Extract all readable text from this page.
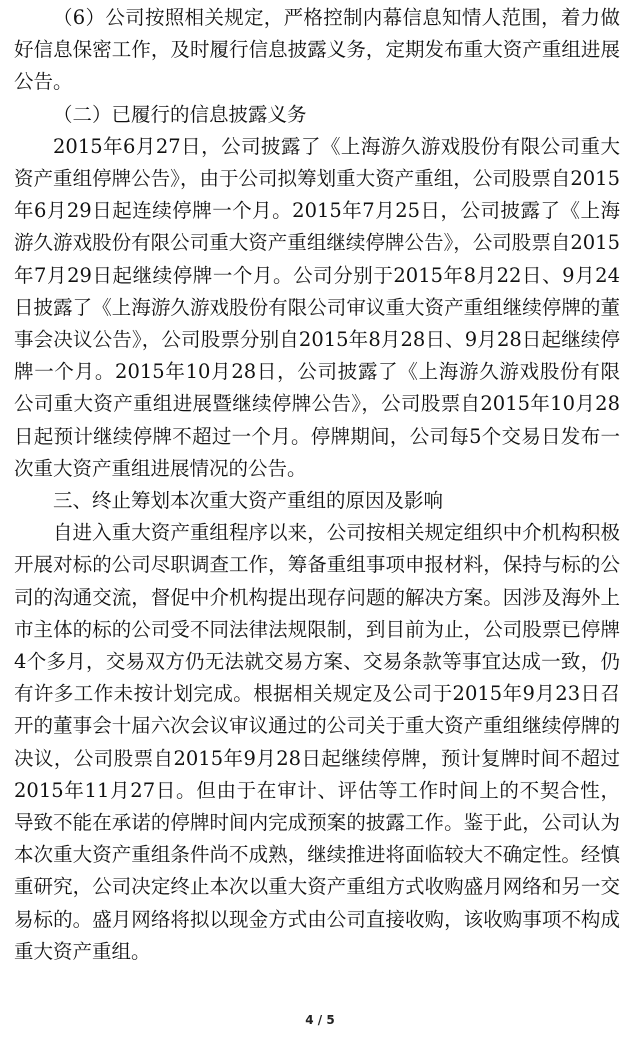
（6）公司按照相关规定，严格控制内幕信息知情人范围，着力做好信息保密工作，及时履行信息披露义务，定期发布重大资产重组进展公告。

（二）已履行的信息披露义务

2015年6月27日，公司披露了《上海游久游戏股份有限公司重大资产重组停牌公告》，由于公司拟筹划重大资产重组，公司股票自2015年6月29日起连续停牌一个月。2015年7月25日，公司披露了《上海游久游戏股份有限公司重大资产重组继续停牌公告》，公司股票自2015年7月29日起继续停牌一个月。公司分别于2015年8月22日、9月24日披露了《上海游久游戏股份有限公司审议重大资产重组继续停牌的董事会决议公告》，公司股票分别自2015年8月28日、9月28日起继续停牌一个月。2015年10月28日，公司披露了《上海游久游戏股份有限公司重大资产重组进展暨继续停牌公告》，公司股票自2015年10月28日起预计继续停牌不超过一个月。停牌期间，公司每5个交易日发布一次重大资产重组进展情况的公告。

三、终止筹划本次重大资产重组的原因及影响

自进入重大资产重组程序以来，公司按相关规定组织中介机构积极开展对标的公司尽职调查工作，筹备重组事项申报材料，保持与标的公司的沟通交流，督促中介机构提出现存问题的解决方案。因涉及海外上市主体的标的公司受不同法律法规限制，到目前为止，公司股票已停牌4个多月，交易双方仍无法就交易方案、交易条款等事宜达成一致，仍有许多工作未按计划完成。根据相关规定及公司于2015年9月23日召开的董事会十届六次会议审议通过的公司关于重大资产重组继续停牌的决议，公司股票自2015年9月28日起继续停牌，预计复牌时间不超过2015年11月27日。但由于在审计、评估等工作时间上的不契合性，导致不能在承诺的停牌时间内完成预案的披露工作。鉴于此，公司认为本次重大资产重组条件尚不成熟，继续推进将面临较大不确定性。经慎重研究，公司决定终止本次以重大资产重组方式收购盛月网络和另一交易标的。盛月网络将拟以现金方式由公司直接收购，该收购事项不构成重大资产重组。

4 / 5
